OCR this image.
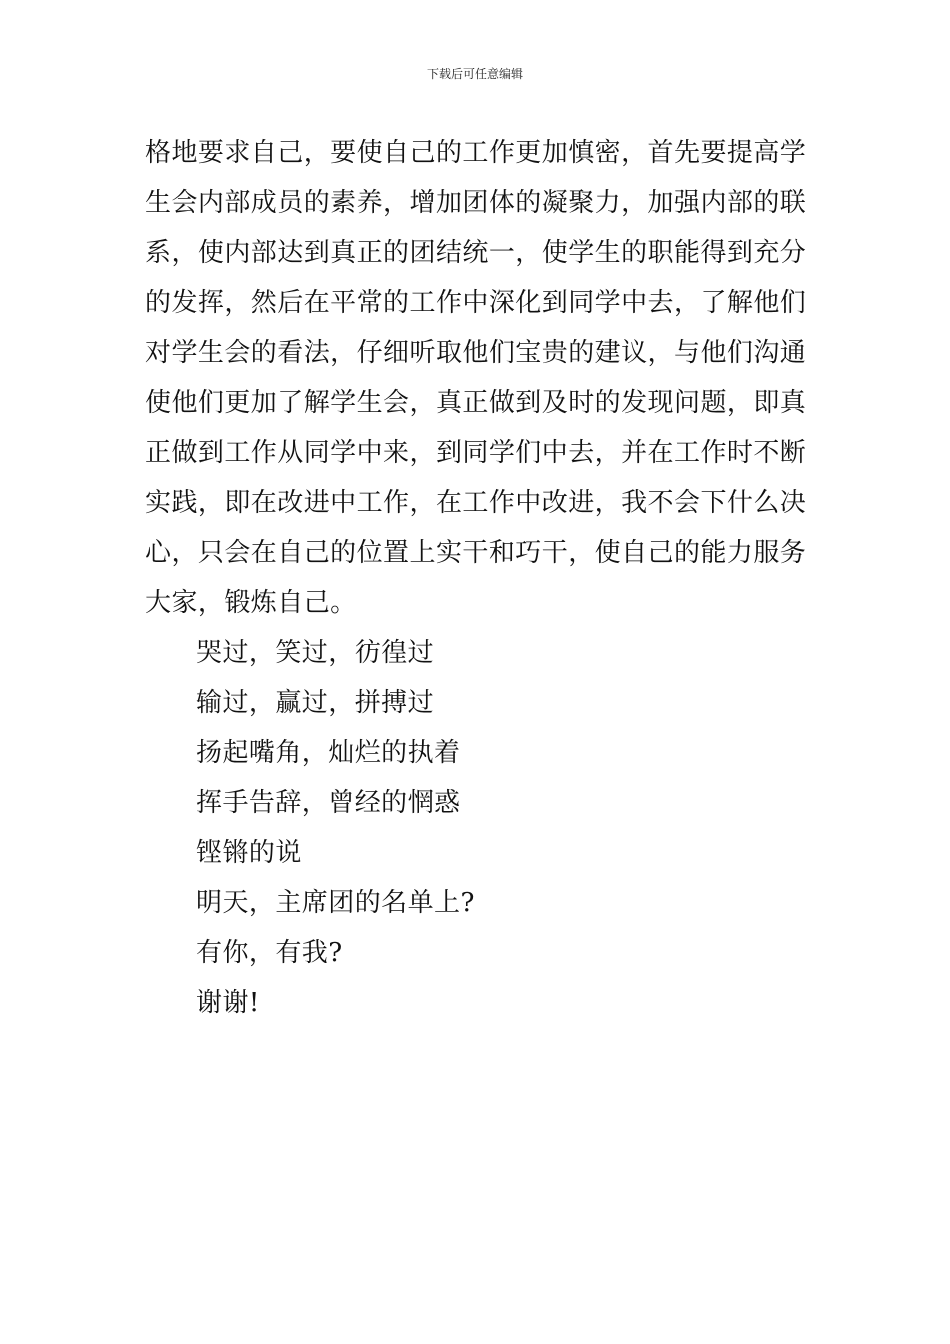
下载后可任意编辑
格地要求自己，要使自己的工作更加慎密，首先要提高学
生会内部成员的素养，增加团体的凝聚力，加强内部的联
系，使内部达到真正的团结统一，使学生的职能得到充分
的发挥，然后在平常的工作中深化到同学中去，了解他们
对学生会的看法，仔细听取他们宝贵的建议，与他们沟通
使他们更加了解学生会，真正做到及时的发现问题，即真
正做到工作从同学中来，到同学们中去，并在工作时不断
实践，即在改进中工作，在工作中改进，我不会下什么决
心，只会在自己的位置上实干和巧干，使自己的能力服务
大家，锻炼自己。
哭过，笑过，彷徨过
输过，赢过，拼搏过
扬起嘴角，灿烂的执着
挥手告辞，曾经的惘惑
铿锵的说
明天，主席团的名单上?
有你，有我?
谢谢!
